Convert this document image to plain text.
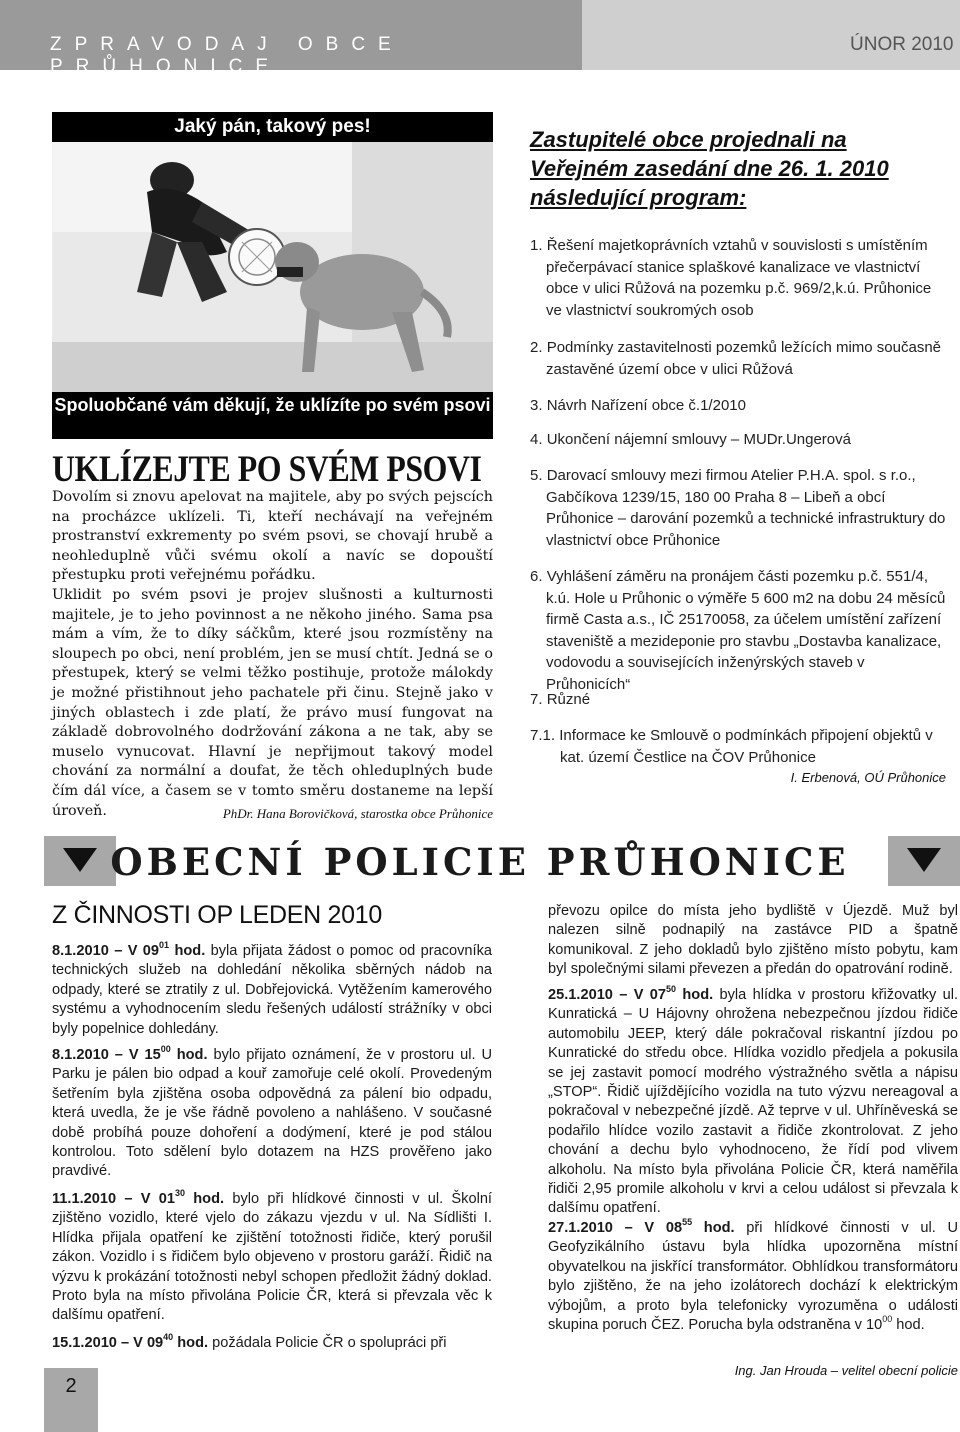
ZPRAVODAJ OBCE PRŮHONICE
ÚNOR 2010
Jaký pán, takový pes!
Spoluobčané vám děkují, že uklízíte po svém psovi
UKLÍZEJTE PO SVÉM PSOVI
Dovolím si znovu apelovat na majitele, aby po svých pejscích na procházce uklízeli. Ti, kteří nechávají na veřejném prostranství exkrementy po svém psovi, se chovají hrubě a neohleduplně vůči svému okolí a navíc se dopouští přestupku proti veřejnému pořádku.
Uklidit po svém psovi je projev slušnosti a kulturnosti majitele, je to jeho povinnost a ne někoho jiného. Sama psa mám a vím, že to díky sáčkům, které jsou rozmístěny na sloupech po obci, není problém, jen se musí chtít. Jedná se o přestupek, který se velmi těžko postihuje, protože málokdy je možné přistihnout jeho pachatele při činu. Stejně jako v jiných oblastech i zde platí, že právo musí fungovat na základě dobrovolného dodržování zákona a ne tak, aby se muselo vynucovat. Hlavní je nepřijmout takový model chování za normální a doufat, že těch ohleduplných bude čím dál více, a časem se v tomto směru dostaneme na lepší úroveň.	PhDr. Hana Borovičková, starostka obce Průhonice
Zastupitelé obce projednali na Veřejném zasedání dne 26. 1. 2010 následující program:
1. Řešení majetkoprávních vztahů v souvislosti s umístěním přečerpávací stanice splaškové kanalizace ve vlastnictví obce v ulici Růžová na pozemku p.č. 969/2,k.ú. Průhonice ve vlastnictví soukromých osob
2. Podmínky zastavitelnosti pozemků ležících mimo současně zastavěné území obce v ulici Růžová
3. Návrh Nařízení obce č.1/2010
4. Ukončení nájemní smlouvy – MUDr.Ungerová
5. Darovací smlouvy mezi firmou Atelier P.H.A. spol. s r.o., Gabčíkova 1239/15, 180 00 Praha 8 – Libeň a obcí Průhonice – darování pozemků a technické infrastruktury do vlastnictví obce Průhonice
6. Vyhlášení záměru na pronájem části pozemku p.č. 551/4, k.ú. Hole u Průhonic o výměře 5 600 m2 na dobu 24 měsíců firmě Casta a.s., IČ 25170058, za účelem umístění zařízení staveniště a mezideponie pro stavbu „Dostavba kanalizace, vodovodu a souvisejících inženýrských staveb v Průhonicích“
7. Různé
7.1. Informace ke Smlouvě o podmínkách připojení objektů v kat. území Čestlice na ČOV Průhonice
I. Erbenová, OÚ Průhonice
OBECNÍ POLICIE PRŮHONICE
Z ČINNOSTI OP LEDEN 2010
8.1.2010 – V $09^{01}$ hod. byla přijata žádost o pomoc od pracovníka technických služeb na dohledání několika sběrných nádob na odpady, které se ztratily z ul. Dobřejovická. Vytěžením kamerového systému a vyhodnocením sledu řešených událostí strážníky v obci byly popelnice dohledány.
8.1.2010 – V $15^{00}$ hod. bylo přijato oznámení, že v prostoru ul. U Parku je pálen bio odpad a kouř zamořuje celé okolí. Provedeným šetřením byla zjištěna osoba odpovědná za pálení bio odpadu, která uvedla, že je vše řádně povoleno a nahlášeno. V současné době probíhá pouze dohoření a dodýmení, které je pod stálou kontrolou. Toto sdělení bylo dotazem na HZS prověřeno jako pravdivé.
11.1.2010 – V $01^{30}$ hod. bylo při hlídkové činnosti v ul. Školní zjištěno vozidlo, které vjelo do zákazu vjezdu v ul. Na Sídlišti I. Hlídka přijala opatření ke zjištění totožnosti řidiče, který porušil zákon. Vozidlo i s řidičem bylo objeveno v prostoru garáží. Řidič na výzvu k prokázání totožnosti nebyl schopen předložit žádný doklad. Proto byla na místo přivolána Policie ČR, která si převzala věc k dalšímu opatření.
15.1.2010 – V $09^{40}$ hod. požádala Policie ČR o spolupráci při
převozu opilce do místa jeho bydliště v Újezdě. Muž byl nalezen silně podnapilý na zastávce PID a špatně komunikoval. Z jeho dokladů bylo zjištěno místo pobytu, kam byl společnými silami převezen a předán do opatrování rodině.
25.1.2010 – V $07^{50}$ hod. byla hlídka v prostoru křižovatky ul. Kunratická – U Hájovny ohrožena nebezpečnou jízdou řidiče automobilu JEEP, který dále pokračoval riskantní jízdou po Kunratické do středu obce. Hlídka vozidlo předjela a pokusila se jej zastavit pomocí modrého výstražného světla a nápisu „STOP“. Řidič ujíždějícího vozidla na tuto výzvu nereagoval a pokračoval v nebezpečné jízdě. Až teprve v ul. Uhříněveská se podařilo hlídce vozilo zastavit a řidiče zkontrolovat. Z jeho chování a dechu bylo vyhodnoceno, že řídí pod vlivem alkoholu. Na místo byla přivolána Policie ČR, která naměřila řidiči 2,95 promile alkoholu v krvi a celou událost si převzala k dalšímu opatření.
27.1.2010 – V $08^{55}$ hod. při hlídkové činnosti v ul. U Geofyzikálního ústavu byla hlídka upozorněna místní obyvatelkou na jiskřící transformátor. Obhlídkou transformátoru bylo zjištěno, že na jeho izolátorech dochází k elektrickým výbojům, a proto byla telefonicky vyrozuměna o události skupina poruch ČEZ. Porucha byla odstraněna v $10^{00}$ hod.
Ing. Jan Hrouda – velitel obecní policie
2
